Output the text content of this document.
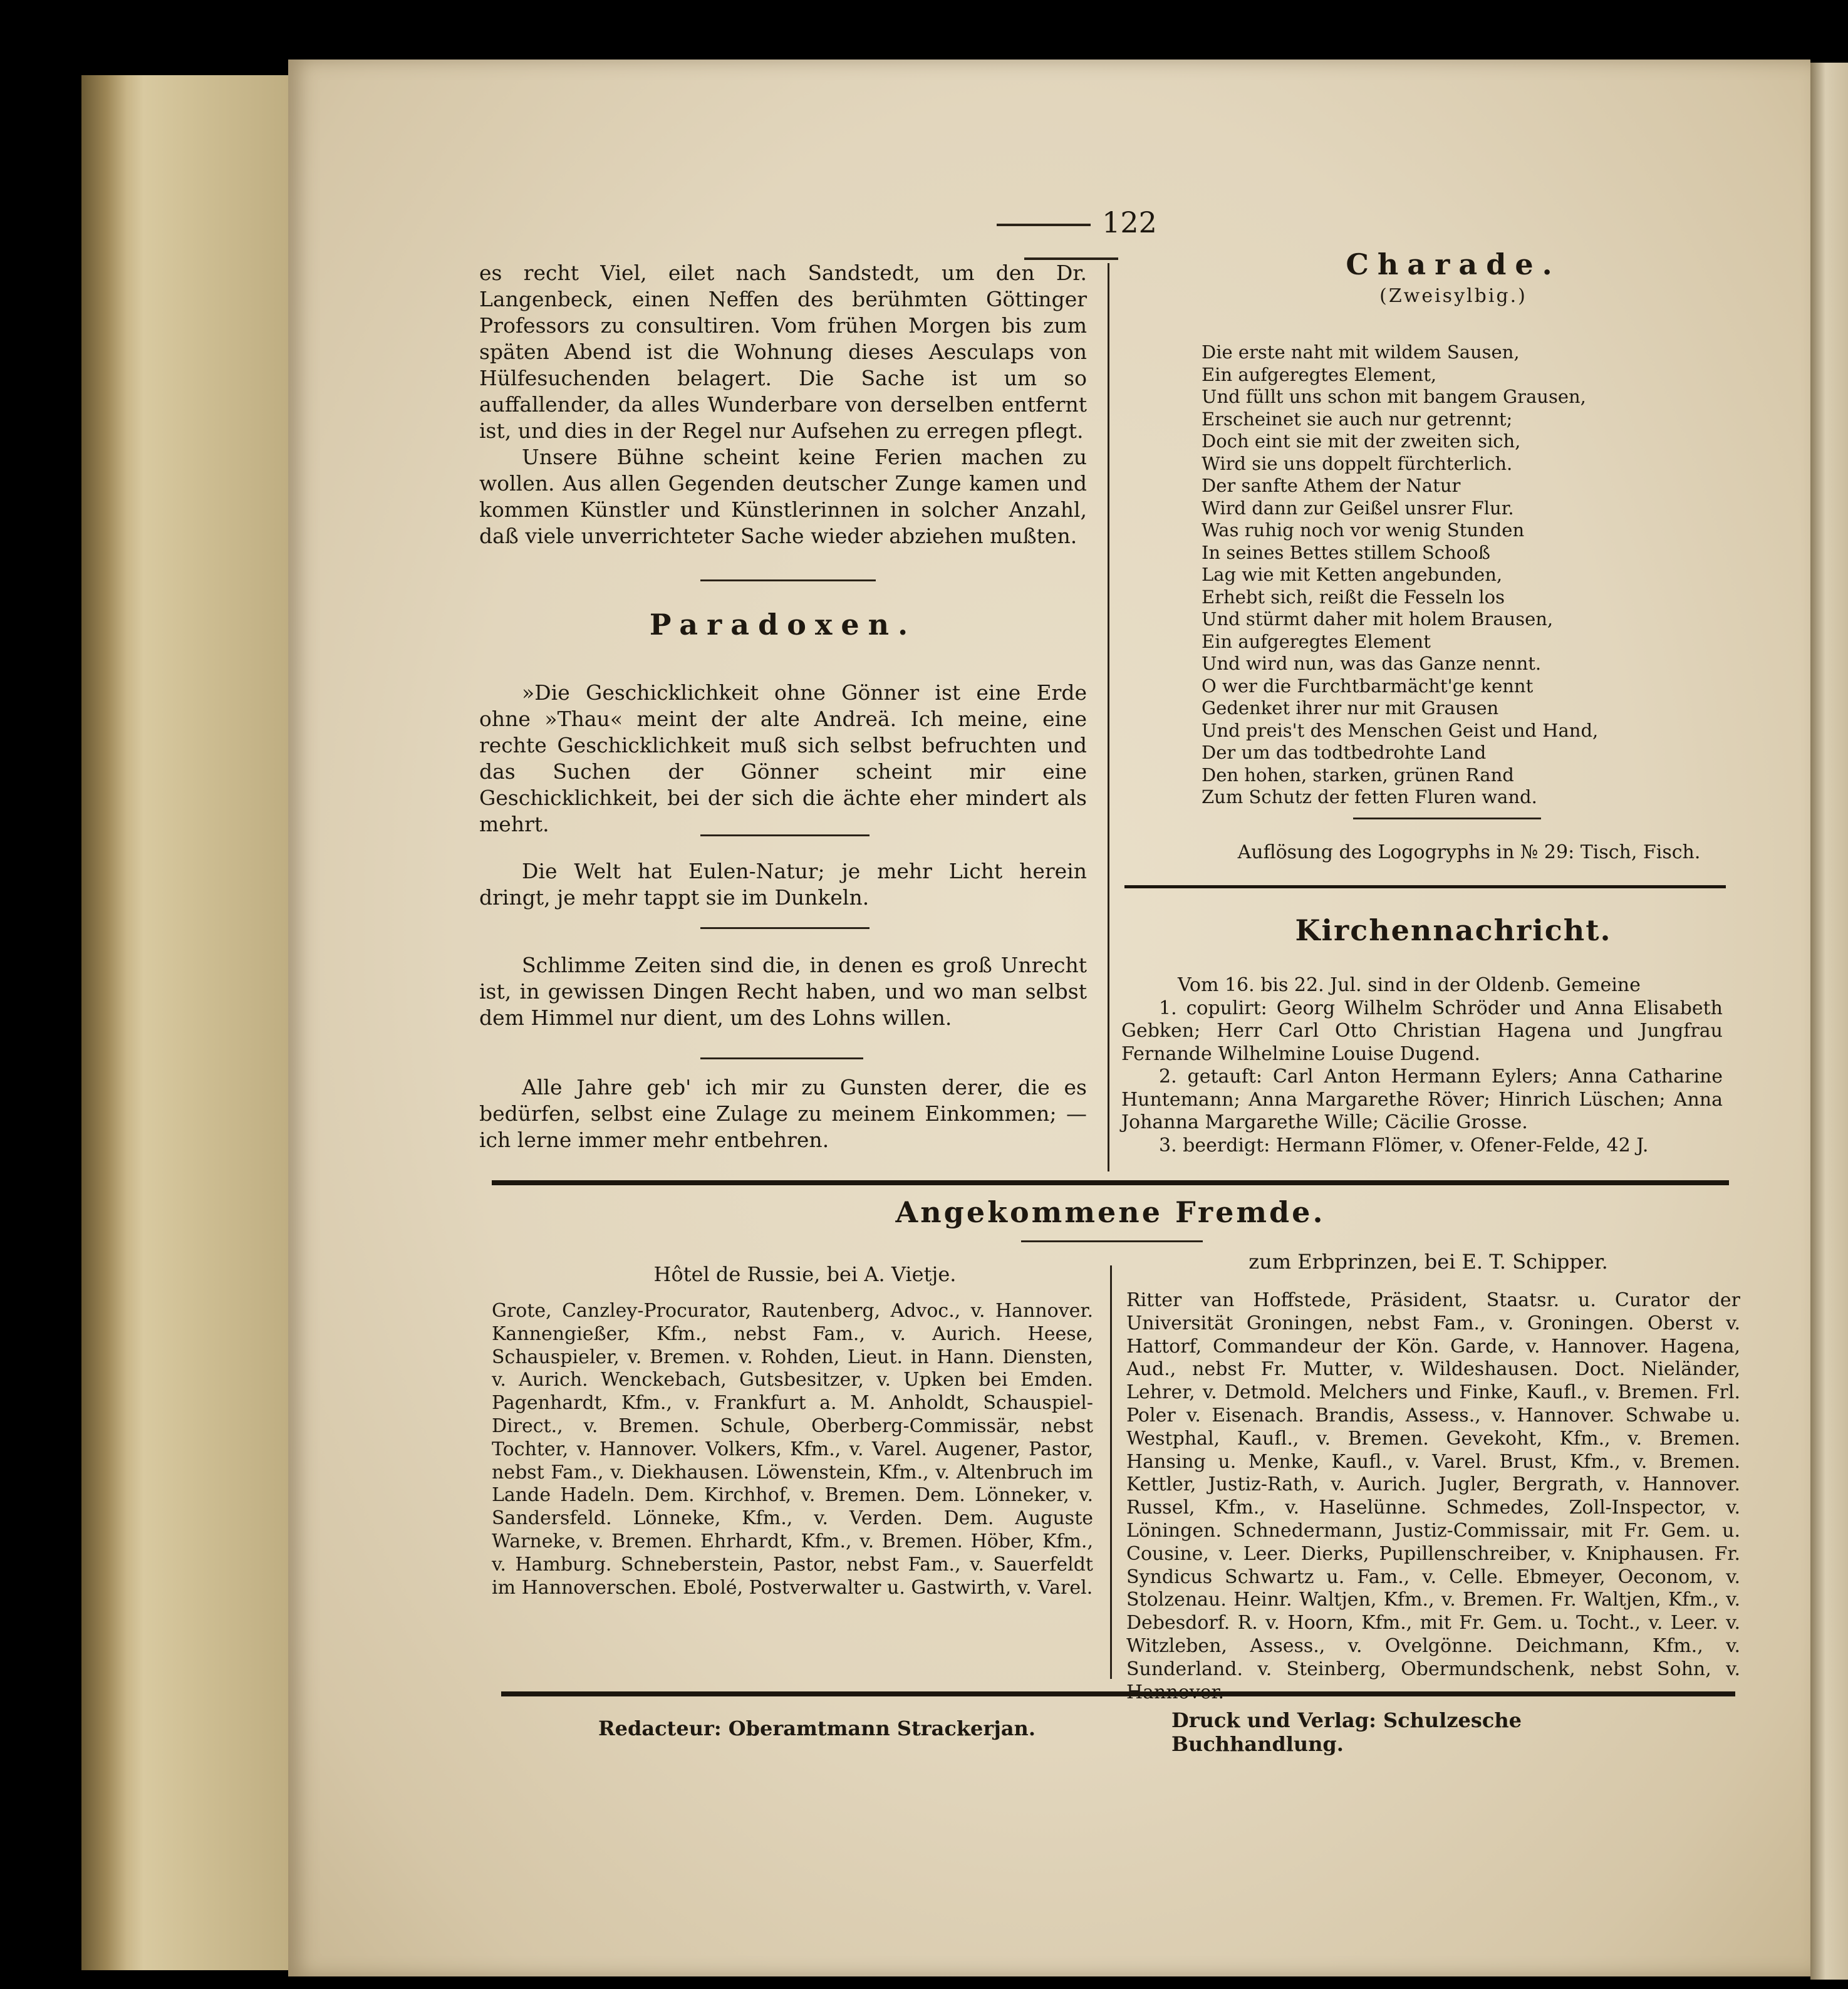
122

es recht Viel, eilet nach Sandstedt, um den Dr. Langenbeck, einen Neffen des berühmten Göttinger Professors zu consultiren. Vom frühen Morgen bis zum späten Abend ist die Wohnung dieses Aesculaps von Hülfesuchenden belagert. Die Sache ist um so auffallender, da alles Wunderbare von derselben entfernt ist, und dies in der Regel nur Aufsehen zu erregen pflegt.

Unsere Bühne scheint keine Ferien machen zu wollen. Aus allen Gegenden deutscher Zunge kamen und kommen Künstler und Künstlerinnen in solcher Anzahl, daß viele unverrichteter Sache wieder abziehen mußten.

Paradoxen.

»Die Geschicklichkeit ohne Gönner ist eine Erde ohne »Thau« meint der alte Andreä. Ich meine, eine rechte Geschicklichkeit muß sich selbst befruchten und das Suchen der Gönner scheint mir eine Geschicklichkeit, bei der sich die ächte eher mindert als mehrt.

Die Welt hat Eulen-Natur; je mehr Licht herein dringt, je mehr tappt sie im Dunkeln.

Schlimme Zeiten sind die, in denen es groß Unrecht ist, in gewissen Dingen Recht haben, und wo man selbst dem Himmel nur dient, um des Lohns willen.

Alle Jahre geb' ich mir zu Gunsten derer, die es bedürfen, selbst eine Zulage zu meinem Einkommen; — ich lerne immer mehr entbehren.

Charade.
(Zweisylbig.)
Die erste naht mit wildem Sausen,
Ein aufgeregtes Element,
Und füllt uns schon mit bangem Grausen,
Erscheinet sie auch nur getrennt;
Doch eint sie mit der zweiten sich,
Wird sie uns doppelt fürchterlich.
Der sanfte Athem der Natur
Wird dann zur Geißel unsrer Flur.
Was ruhig noch vor wenig Stunden
In seines Bettes stillem Schooß
Lag wie mit Ketten angebunden,
Erhebt sich, reißt die Fesseln los
Und stürmt daher mit holem Brausen,
Ein aufgeregtes Element
Und wird nun, was das Ganze nennt.
O wer die Furchtbarmächt'ge kennt
Gedenket ihrer nur mit Grausen
Und preis't des Menschen Geist und Hand,
Der um das todtbedrohte Land
Den hohen, starken, grünen Rand
Zum Schutz der fetten Fluren wand.
Auflösung des Logogryphs in № 29: Tisch, Fisch.
Kirchennachricht.

Vom 16. bis 22. Jul. sind in der Oldenb. Gemeine

1. copulirt: Georg Wilhelm Schröder und Anna Elisabeth Gebken; Herr Carl Otto Christian Hagena und Jungfrau Fernande Wilhelmine Louise Dugend.

2. getauft: Carl Anton Hermann Eylers; Anna Catharine Huntemann; Anna Margarethe Röver; Hinrich Lüschen; Anna Johanna Margarethe Wille; Cäcilie Grosse.

3. beerdigt: Hermann Flömer, v. Ofener-Felde, 42 J.

Angekommene Fremde.
Hôtel de Russie, bei A. Vietje.
zum Erbprinzen, bei E. T. Schipper.
Grote, Canzley-Procurator, Rautenberg, Advoc., v. Hannover. Kannengießer, Kfm., nebst Fam., v. Aurich. Heese, Schauspieler, v. Bremen. v. Rohden, Lieut. in Hann. Diensten, v. Aurich. Wenckebach, Gutsbesitzer, v. Upken bei Emden. Pagenhardt, Kfm., v. Frankfurt a. M. Anholdt, Schauspiel-Direct., v. Bremen. Schule, Oberberg-Commissär, nebst Tochter, v. Hannover. Volkers, Kfm., v. Varel. Augener, Pastor, nebst Fam., v. Diekhausen. Löwenstein, Kfm., v. Altenbruch im Lande Hadeln. Dem. Kirchhof, v. Bremen. Dem. Lönneker, v. Sandersfeld. Lönneke, Kfm., v. Verden. Dem. Auguste Warneke, v. Bremen. Ehrhardt, Kfm., v. Bremen. Höber, Kfm., v. Hamburg. Schneberstein, Pastor, nebst Fam., v. Sauerfeldt im Hannoverschen. Ebolé, Postverwalter u. Gastwirth, v. Varel.
Ritter van Hoffstede, Präsident, Staatsr. u. Curator der Universität Groningen, nebst Fam., v. Groningen. Oberst v. Hattorf, Commandeur der Kön. Garde, v. Hannover. Hagena, Aud., nebst Fr. Mutter, v. Wildeshausen. Doct. Nieländer, Lehrer, v. Detmold. Melchers und Finke, Kaufl., v. Bremen. Frl. Poler v. Eisenach. Brandis, Assess., v. Hannover. Schwabe u. Westphal, Kaufl., v. Bremen. Gevekoht, Kfm., v. Bremen. Hansing u. Menke, Kaufl., v. Varel. Brust, Kfm., v. Bremen. Kettler, Justiz-Rath, v. Aurich. Jugler, Bergrath, v. Hannover. Russel, Kfm., v. Haselünne. Schmedes, Zoll-Inspector, v. Löningen. Schnedermann, Justiz-Commissair, mit Fr. Gem. u. Cousine, v. Leer. Dierks, Pupillenschreiber, v. Kniphausen. Fr. Syndicus Schwartz u. Fam., v. Celle. Ebmeyer, Oeconom, v. Stolzenau. Heinr. Waltjen, Kfm., v. Bremen. Fr. Waltjen, Kfm., v. Debesdorf. R. v. Hoorn, Kfm., mit Fr. Gem. u. Tocht., v. Leer. v. Witzleben, Assess., v. Ovelgönne. Deichmann, Kfm., v. Sunderland. v. Steinberg, Obermundschenk, nebst Sohn, v. Hannover.
Redacteur: Oberamtmann Strackerjan.	Druck und Verlag: Schulzesche Buchhandlung.
